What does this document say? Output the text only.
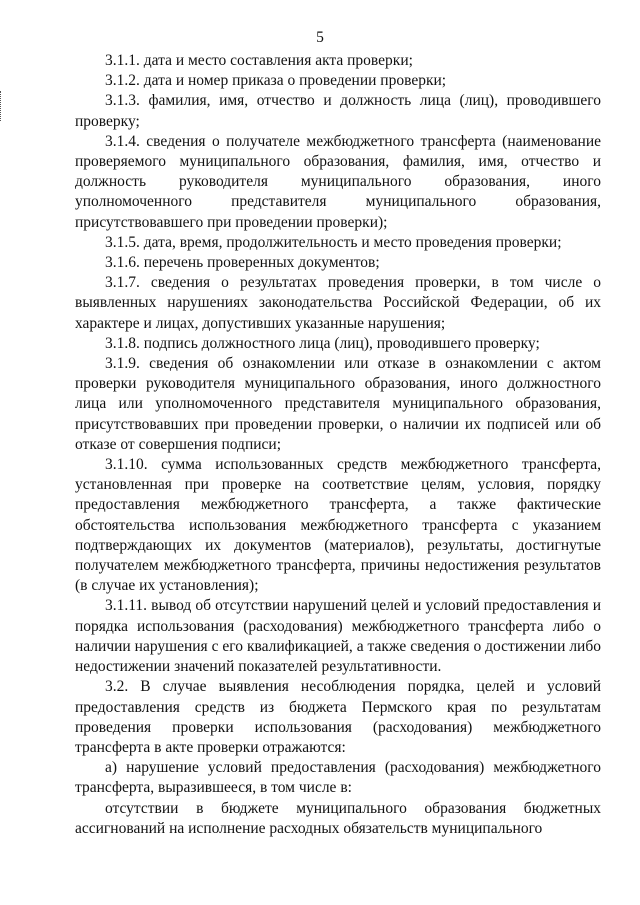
5

3.1.1. дата и место составления акта проверки;

3.1.2. дата и номер приказа о проведении проверки;

3.1.3. фамилия, имя, отчество и должность лица (лиц), проводившего проверку;

3.1.4. сведения о получателе межбюджетного трансферта (наименование проверяемого муниципального образования, фамилия, имя, отчество и должность руководителя муниципального образования, иного уполномоченного представителя муниципального образования, присутствовавшего при проведении проверки);

3.1.5. дата, время, продолжительность и место проведения проверки;

3.1.6. перечень проверенных документов;

3.1.7. сведения о результатах проведения проверки, в том числе о выявленных нарушениях законодательства Российской Федерации, об их характере и лицах, допустивших указанные нарушения;

3.1.8. подпись должностного лица (лиц), проводившего проверку;

3.1.9. сведения об ознакомлении или отказе в ознакомлении с актом проверки руководителя муниципального образования, иного должностного лица или уполномоченного представителя муниципального образования, присутствовавших при проведении проверки, о наличии их подписей или об отказе от совершения подписи;

3.1.10. сумма использованных средств межбюджетного трансферта, установленная при проверке на соответствие целям, условия, порядку предоставления межбюджетного трансферта, а также фактические обстоятельства использования межбюджетного трансферта с указанием подтверждающих их документов (материалов), результаты, достигнутые получателем межбюджетного трансферта, причины недостижения результатов (в случае их установления);

3.1.11. вывод об отсутствии нарушений целей и условий предоставления и порядка использования (расходования) межбюджетного трансферта либо о наличии нарушения с его квалификацией, а также сведения о достижении либо недостижении значений показателей результативности.

3.2. В случае выявления несоблюдения порядка, целей и условий предоставления средств из бюджета Пермского края по результатам проведения проверки использования (расходования) межбюджетного трансферта в акте проверки отражаются:

а) нарушение условий предоставления (расходования) межбюджетного трансферта, выразившееся, в том числе в:

отсутствии в бюджете муниципального образования бюджетных ассигнований на исполнение расходных обязательств муниципального
